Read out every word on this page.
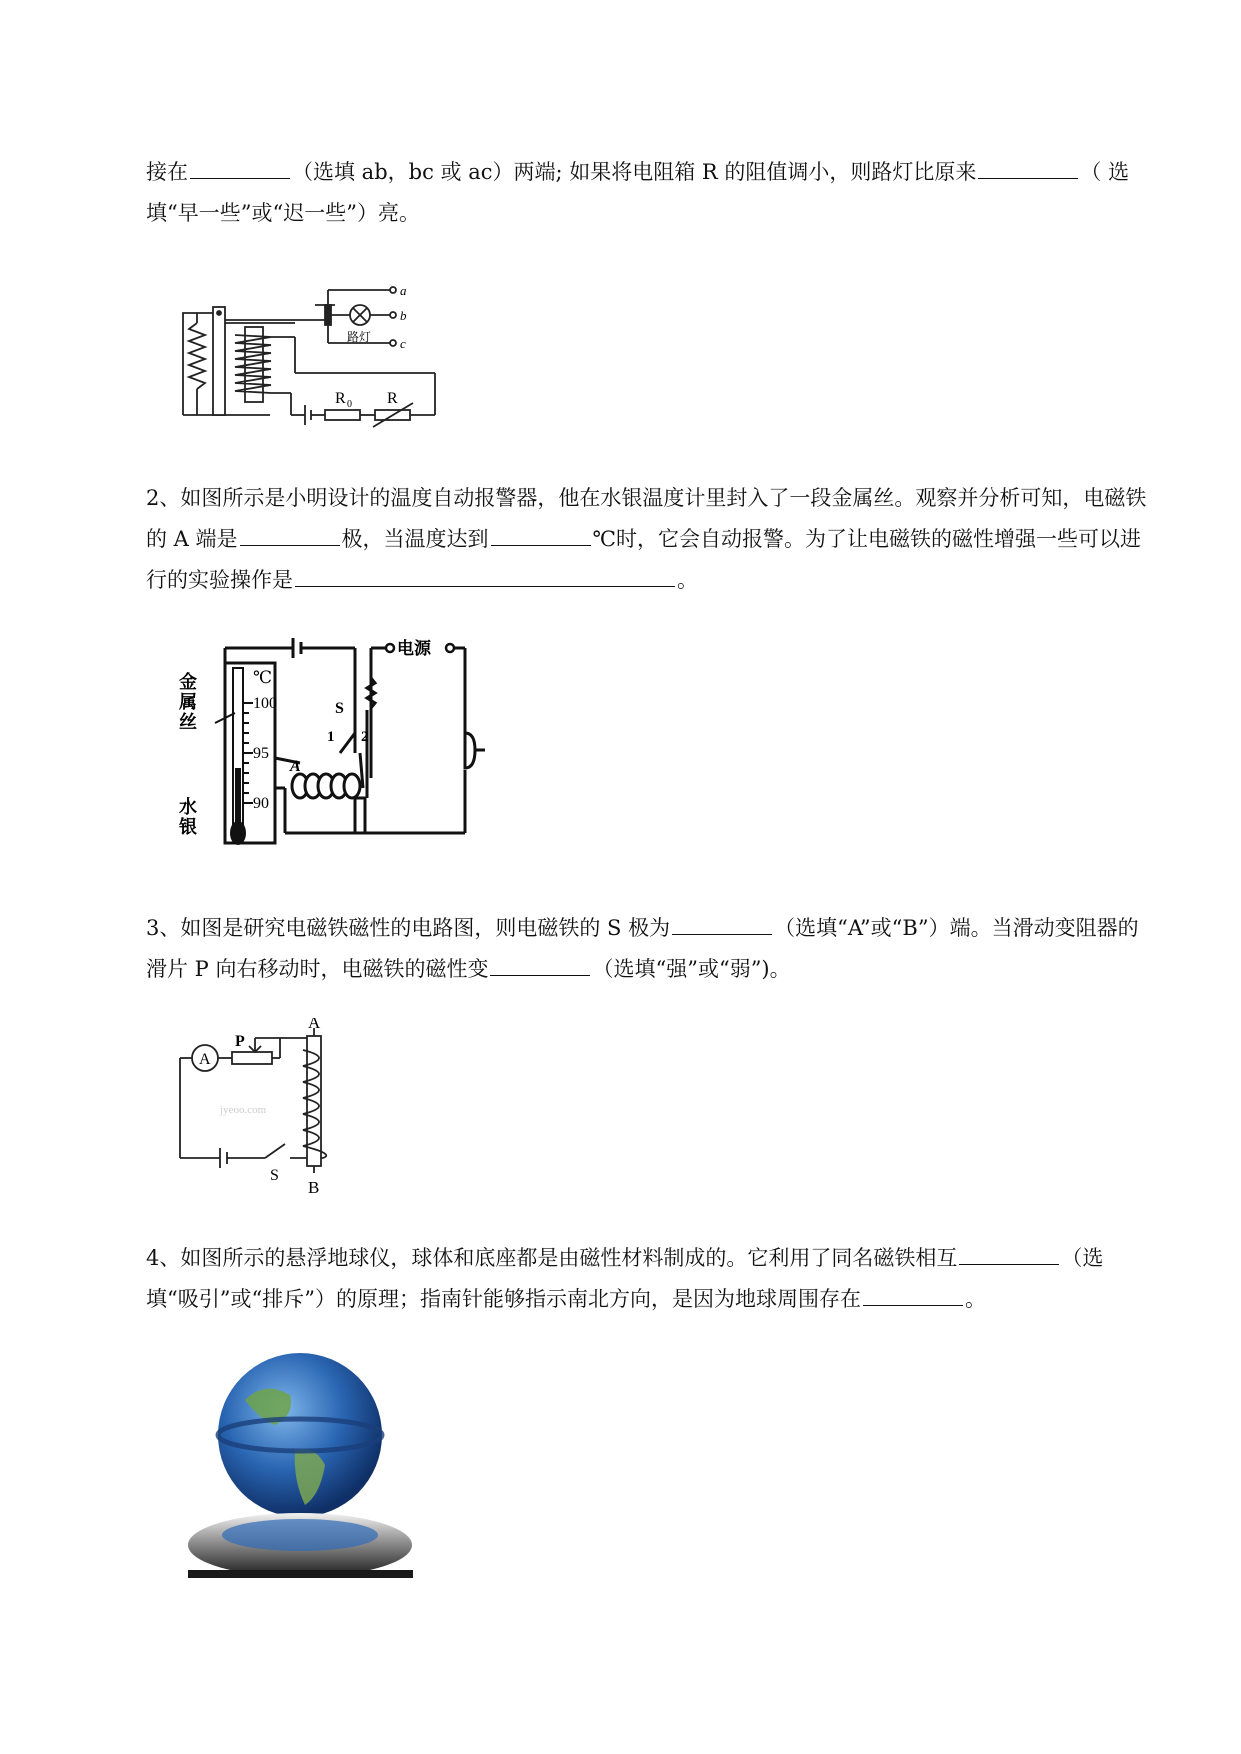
接在	（选填 ab，bc 或 ac）两端; 如果将电阻箱 R 的阻值调小，则路灯比原来	（ 选填“早一些”或“迟一些”）亮。

a
b
c
路灯
R 0 R

2、如图所示是小明设计的温度自动报警器，他在水银温度计里封入了一段金属丝。观察并分析可知，电磁铁的 A 端是	极，当温度达到	℃时，它会自动报警。为了让电磁铁的磁性增强一些可以进行的实验操作是	。

金 属 丝
水 银
℃
100
95
90
S
1 2
A
电源

3、如图是研究电磁铁磁性的电路图，则电磁铁的 S 极为	（选填“A”或“B”）端。当滑动变阻器的滑片 P 向右移动时，电磁铁的磁性变	（选填“强”或“弱”)。

A
P
A
B
S
jyeoo.com

4、如图所示的悬浮地球仪，球体和底座都是由磁性材料制成的。它利用了同名磁铁相互	（选填“吸引”或“排斥”）的原理；指南针能够指示南北方向，是因为地球周围存在	。
